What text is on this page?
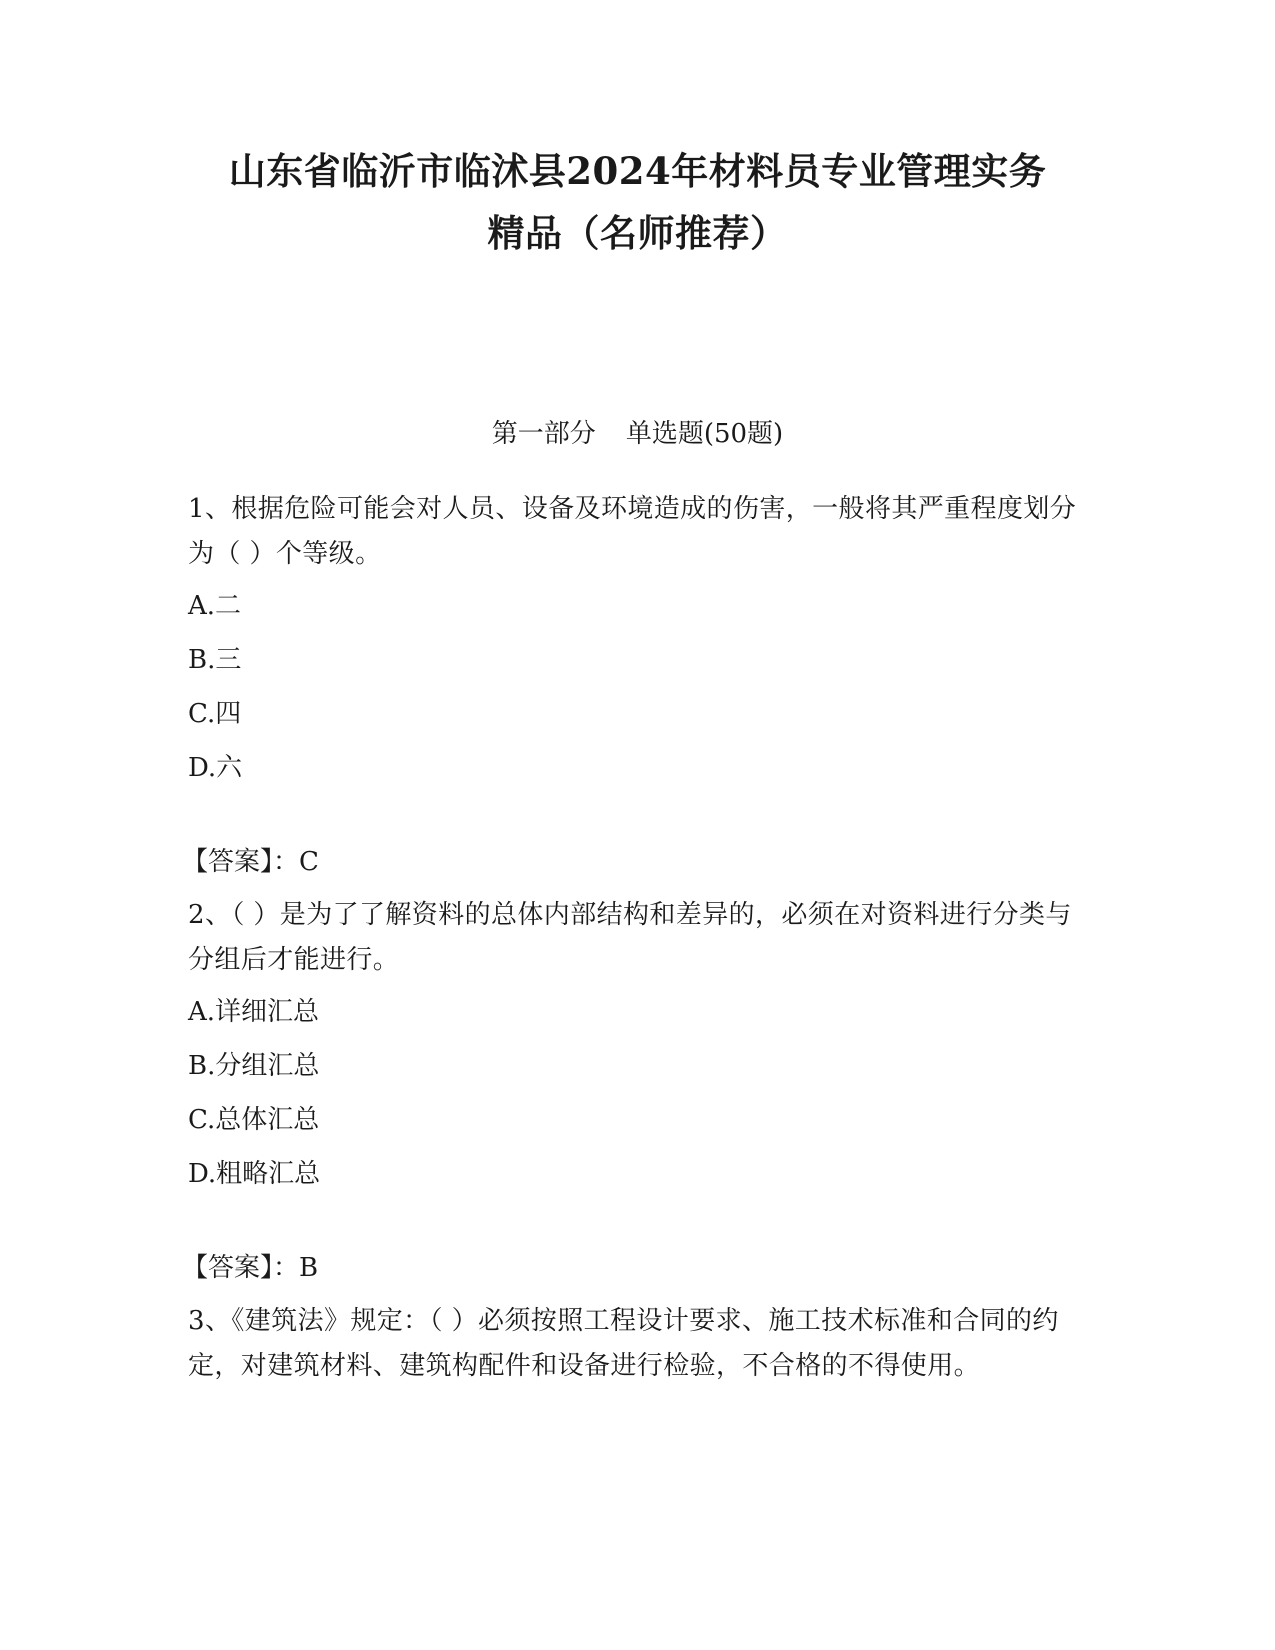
山东省临沂市临沭县2024年材料员专业管理实务
精品（名师推荐）
第一部分 单选题(50题)

1、根据危险可能会对人员、设备及环境造成的伤害，一般将其严重程度划分为（ ）个等级。

A.二

B.三

C.四

D.六

【答案】：C

2、（ ）是为了了解资料的总体内部结构和差异的，必须在对资料进行分类与分组后才能进行。

A.详细汇总

B.分组汇总

C.总体汇总

D.粗略汇总

【答案】：B

3、《建筑法》规定：（ ）必须按照工程设计要求、施工技术标准和合同的约定，对建筑材料、建筑构配件和设备进行检验，不合格的不得使用。
